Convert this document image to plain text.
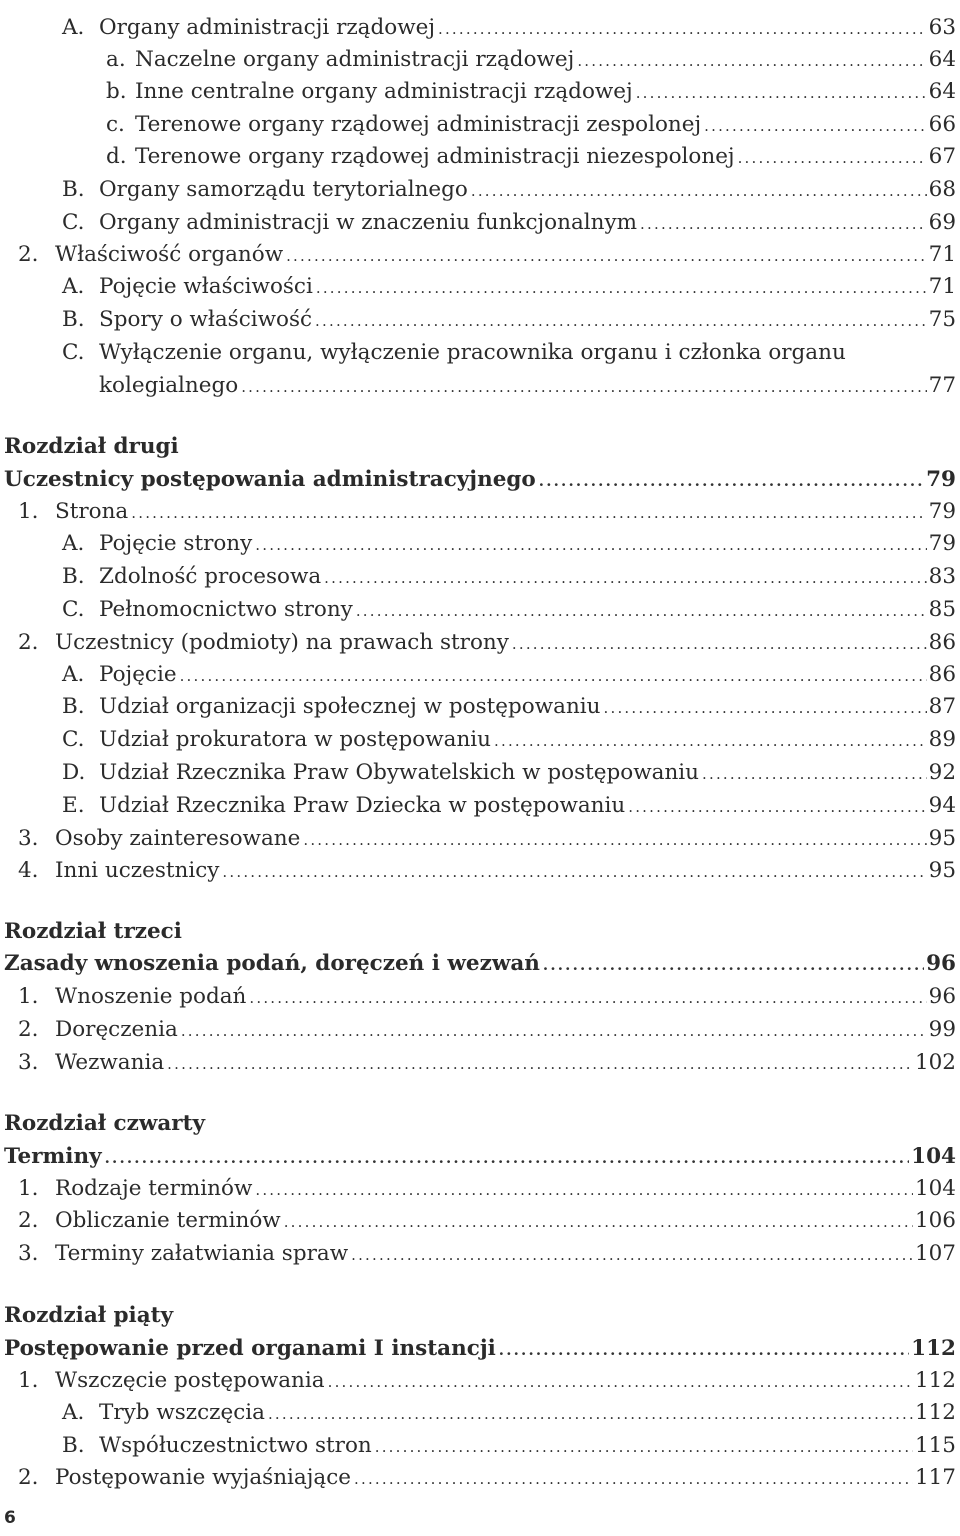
A. Organy administracji rządowej .....	63
a. Naczelne organy administracji rządowej .....	64
b. Inne centralne organy administracji rządowej .....	64
c. Terenowe organy rządowej administracji zespolonej .....	66
d. Terenowe organy rządowej administracji niezespolonej .....	67
B. Organy samorządu terytorialnego .....	68
C. Organy administracji w znaczeniu funkcjonalnym .....	69
2. Właściwość organów .....	71
A. Pojęcie właściwości .....	71
B. Spory o właściwość .....	75
C. Wyłączenie organu, wyłączenie pracownika organu i członka organu
kolegialnego .....	77
Rozdział drugi
Uczestnicy postępowania administracyjnego .....	79
1. Strona .....	79
A. Pojęcie strony .....	79
B. Zdolność procesowa .....	83
C. Pełnomocnictwo strony .....	85
2. Uczestnicy (podmioty) na prawach strony .....	86
A. Pojęcie .....	86
B. Udział organizacji społecznej w postępowaniu .....	87
C. Udział prokuratora w postępowaniu .....	89
D. Udział Rzecznika Praw Obywatelskich w postępowaniu .....	92
E. Udział Rzecznika Praw Dziecka w postępowaniu .....	94
3. Osoby zainteresowane .....	95
4. Inni uczestnicy .....	95
Rozdział trzeci
Zasady wnoszenia podań, doręczeń i wezwań .....	96
1. Wnoszenie podań .....	96
2. Doręczenia .....	99
3. Wezwania .....	102
Rozdział czwarty
Terminy .....	104
1. Rodzaje terminów .....	104
2. Obliczanie terminów .....	106
3. Terminy załatwiania spraw .....	107
Rozdział piąty
Postępowanie przed organami I instancji .....	112
1. Wszczęcie postępowania .....	112
A. Tryb wszczęcia .....	112
B. Współuczestnictwo stron .....	115
2. Postępowanie wyjaśniające .....	117
6
